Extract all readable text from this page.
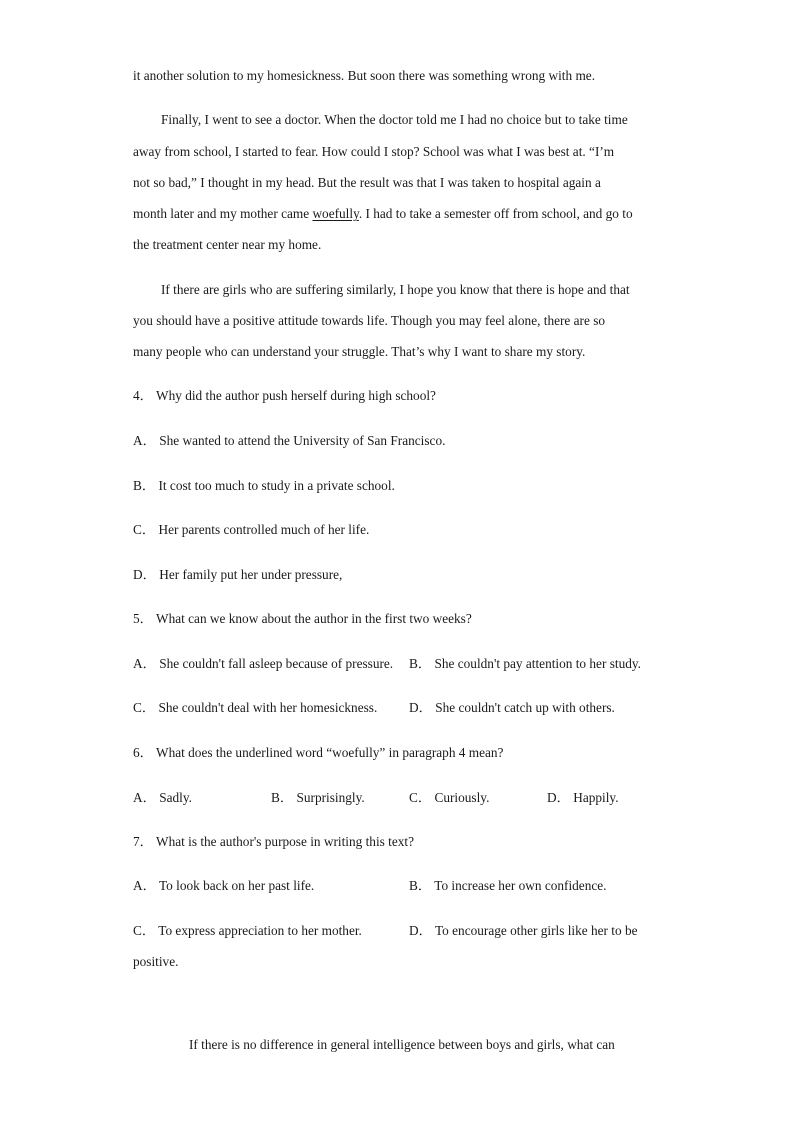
it another solution to my homesickness. But soon there was something wrong with me.
Finally, I went to see a doctor. When the doctor told me I had no choice but to take time
away from school, I started to fear. How could I stop? School was what I was best at. “I’m
not so bad,” I thought in my head. But the result was that I was taken to hospital again a
month later and my mother came woefully. I had to take a semester off from school, and go to
the treatment center near my home.
If there are girls who are suffering similarly, I hope you know that there is hope and that
you should have a positive attitude towards life. Though you may feel alone, there are so
many people who can understand your struggle. That’s why I want to share my story.
4． Why did the author push herself during high school?
A． She wanted to attend the University of San Francisco.
B． It cost too much to study in a private school.
C． Her parents controlled much of her life.
D． Her family put her under pressure,
5． What can we know about the author in the first two weeks?
A． She couldn't fall asleep because of pressure. B． She couldn't pay attention to her study.
C． She couldn't deal with her homesickness. D． She couldn't catch up with others.
6． What does the underlined word “woefully” in paragraph 4 mean?
A． Sadly.	B． Surprisingly.	C． Curiously.	D． Happily.
7． What is the author's purpose in writing this text?
A． To look back on her past life.	B． To increase her own confidence.
C． To express appreciation to her mother.	D． To encourage other girls like her to be
positive.
If there is no difference in general intelligence between boys and girls, what can
